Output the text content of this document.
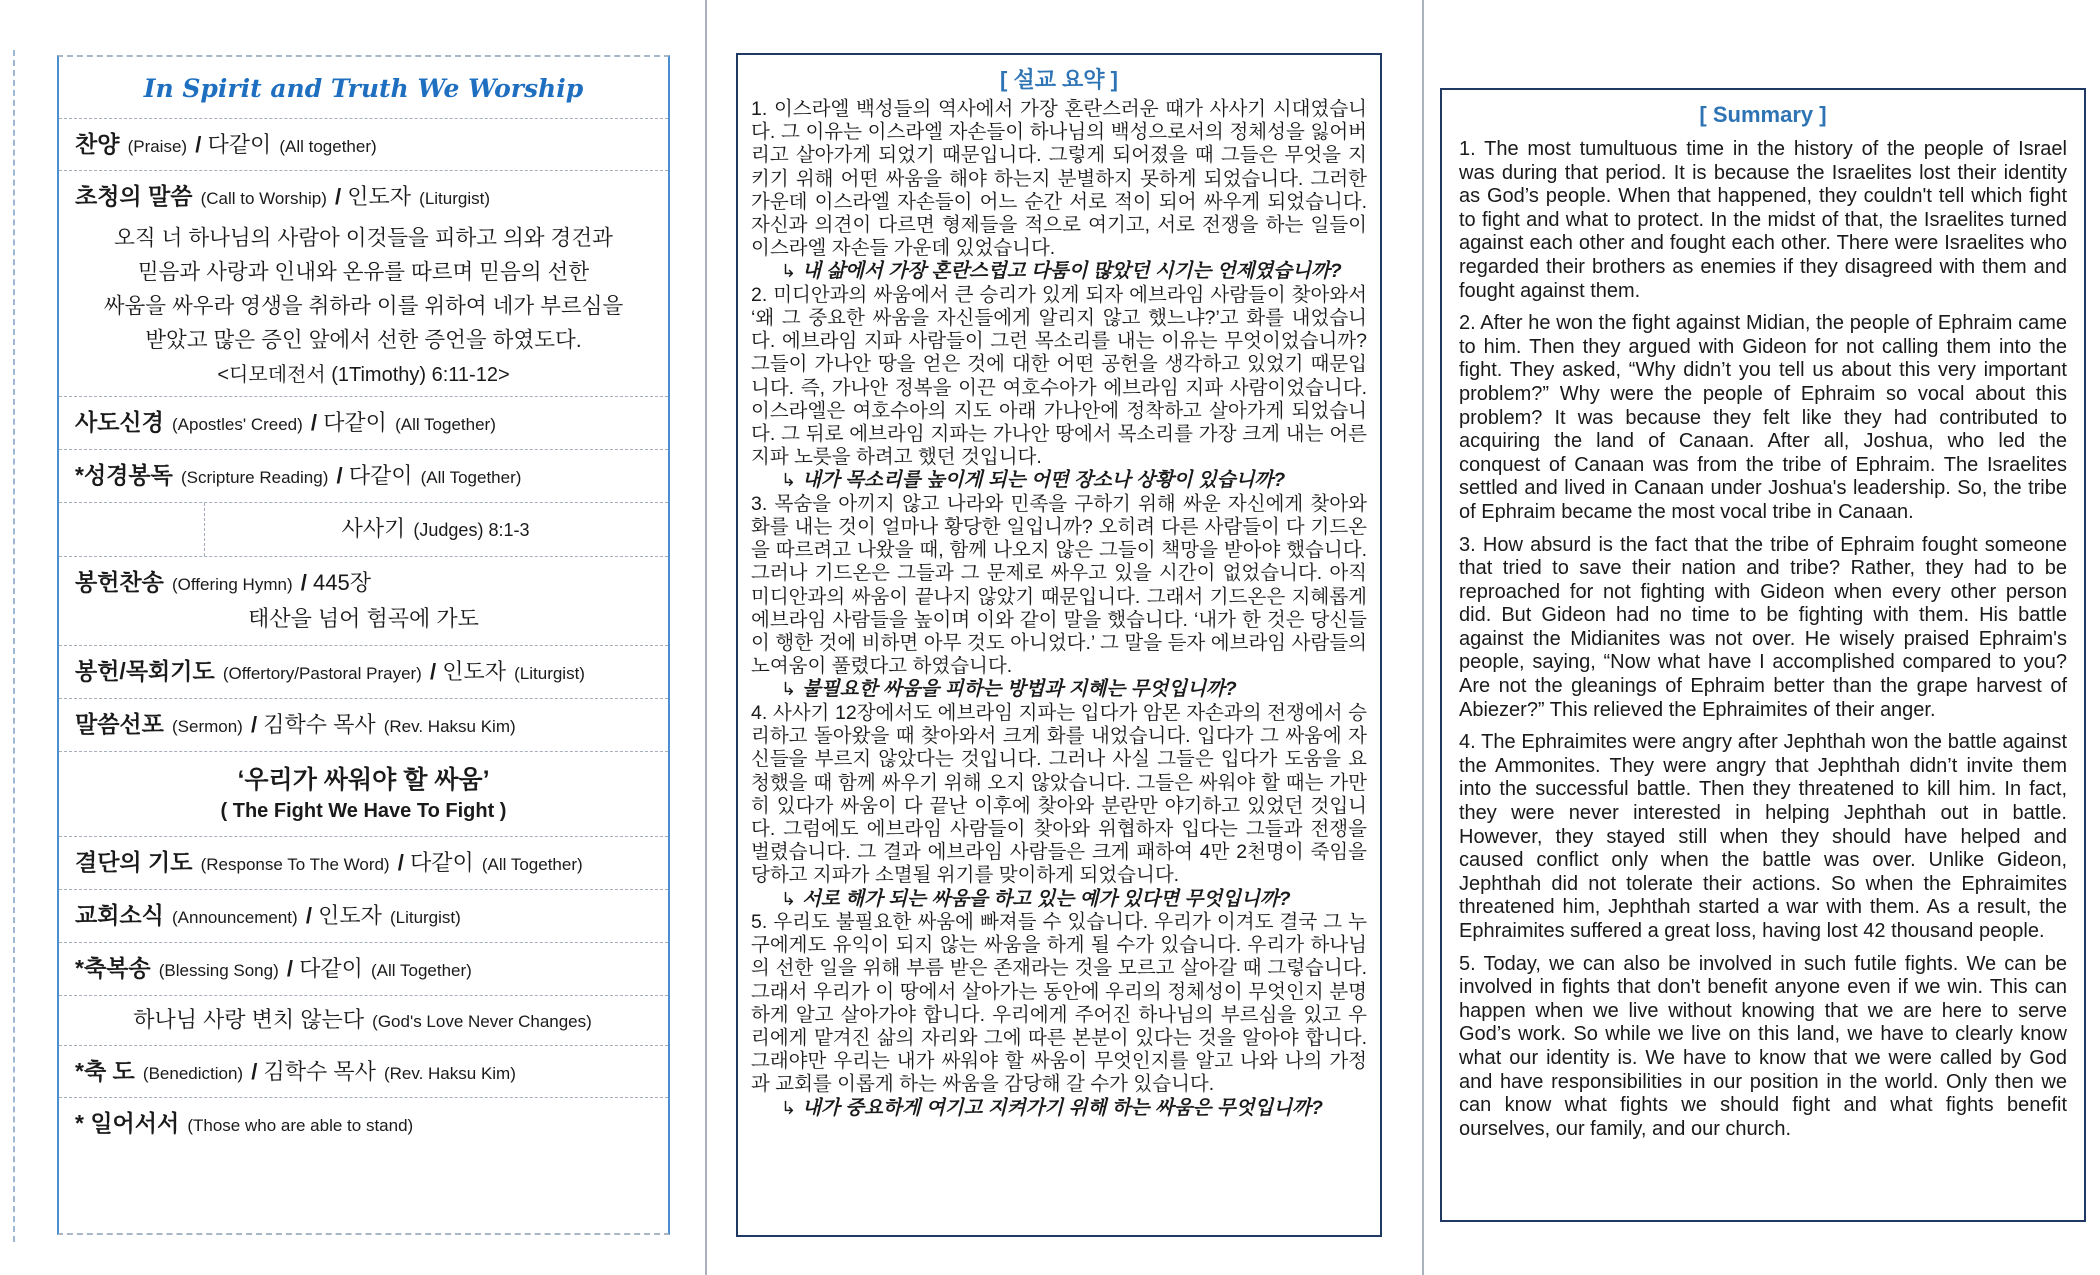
In Spirit and Truth We Worship
찬양 (Praise) / 다같이 (All together)
초청의 말씀 (Call to Worship) / 인도자 (Liturgist)
오직 너 하나님의 사람아 이것들을 피하고 의와 경건과
믿음과 사랑과 인내와 온유를 따르며 믿음의 선한
싸움을 싸우라 영생을 취하라 이를 위하여 네가 부르심을
받았고 많은 증인 앞에서 선한 증언을 하였도다.
<디모데전서 (1Timothy) 6:11-12>
사도신경 (Apostles' Creed) / 다같이 (All Together)
*성경봉독 (Scripture Reading) / 다같이 (All Together)
사사기 (Judges) 8:1-3
봉헌찬송 (Offering Hymn) / 445장
태산을 넘어 험곡에 가도
봉헌/목회기도 (Offertory/Pastoral Prayer) / 인도자 (Liturgist)
말씀선포 (Sermon) / 김학수 목사 (Rev. Haksu Kim)
‘우리가 싸워야 할 싸움’
( The Fight We Have To Fight )
결단의 기도 (Response To The Word) / 다같이 (All Together)
교회소식 (Announcement) / 인도자 (Liturgist)
*축복송 (Blessing Song) / 다같이 (All Together)
하나님 사랑 변치 않는다 (God's Love Never Changes)
*축 도 (Benediction) / 김학수 목사 (Rev. Haksu Kim)
* 일어서서 (Those who are able to stand)
[ 설교 요약 ]

1. 이스라엘 백성들의 역사에서 가장 혼란스러운 때가 사사기 시대였습니다. 그 이유는 이스라엘 자손들이 하나님의 백성으로서의 정체성을 잃어버리고 살아가게 되었기 때문입니다. 그렇게 되어졌을 때 그들은 무엇을 지키기 위해 어떤 싸움을 해야 하는지 분별하지 못하게 되었습니다. 그러한 가운데 이스라엘 자손들이 어느 순간 서로 적이 되어 싸우게 되었습니다. 자신과 의견이 다르면 형제들을 적으로 여기고, 서로 전쟁을 하는 일들이 이스라엘 자손들 가운데 있었습니다.

↳ 내 삶에서 가장 혼란스럽고 다툼이 많았던 시기는 언제였습니까?

2. 미디안과의 싸움에서 큰 승리가 있게 되자 에브라임 사람들이 찾아와서 ‘왜 그 중요한 싸움을 자신들에게 알리지 않고 했느냐?’고 화를 내었습니다. 에브라임 지파 사람들이 그런 목소리를 내는 이유는 무엇이었습니까? 그들이 가나안 땅을 얻은 것에 대한 어떤 공헌을 생각하고 있었기 때문입니다. 즉, 가나안 정복을 이끈 여호수아가 에브라임 지파 사람이었습니다. 이스라엘은 여호수아의 지도 아래 가나안에 정착하고 살아가게 되었습니다. 그 뒤로 에브라임 지파는 가나안 땅에서 목소리를 가장 크게 내는 어른 지파 노릇을 하려고 했던 것입니다.

↳ 내가 목소리를 높이게 되는 어떤 장소나 상황이 있습니까?

3. 목숨을 아끼지 않고 나라와 민족을 구하기 위해 싸운 자신에게 찾아와 화를 내는 것이 얼마나 황당한 일입니까? 오히려 다른 사람들이 다 기드온을 따르려고 나왔을 때, 함께 나오지 않은 그들이 책망을 받아야 했습니다. 그러나 기드온은 그들과 그 문제로 싸우고 있을 시간이 없었습니다. 아직 미디안과의 싸움이 끝나지 않았기 때문입니다. 그래서 기드온은 지혜롭게 에브라임 사람들을 높이며 이와 같이 말을 했습니다. ‘내가 한 것은 당신들이 행한 것에 비하면 아무 것도 아니었다.’ 그 말을 듣자 에브라임 사람들의 노여움이 풀렸다고 하였습니다.

↳ 불필요한 싸움을 피하는 방법과 지혜는 무엇입니까?

4. 사사기 12장에서도 에브라임 지파는 입다가 암몬 자손과의 전쟁에서 승리하고 돌아왔을 때 찾아와서 크게 화를 내었습니다. 입다가 그 싸움에 자신들을 부르지 않았다는 것입니다. 그러나 사실 그들은 입다가 도움을 요청했을 때 함께 싸우기 위해 오지 않았습니다. 그들은 싸워야 할 때는 가만히 있다가 싸움이 다 끝난 이후에 찾아와 분란만 야기하고 있었던 것입니다. 그럼에도 에브라임 사람들이 찾아와 위협하자 입다는 그들과 전쟁을 벌렸습니다. 그 결과 에브라임 사람들은 크게 패하여 4만 2천명이 죽임을 당하고 지파가 소멸될 위기를 맞이하게 되었습니다.

↳ 서로 해가 되는 싸움을 하고 있는 예가 있다면 무엇입니까?

5. 우리도 불필요한 싸움에 빠져들 수 있습니다. 우리가 이겨도 결국 그 누구에게도 유익이 되지 않는 싸움을 하게 될 수가 있습니다. 우리가 하나님의 선한 일을 위해 부름 받은 존재라는 것을 모르고 살아갈 때 그렇습니다. 그래서 우리가 이 땅에서 살아가는 동안에 우리의 정체성이 무엇인지 분명하게 알고 살아가야 합니다. 우리에게 주어진 하나님의 부르심을 있고 우리에게 맡겨진 삶의 자리와 그에 따른 본분이 있다는 것을 알아야 합니다. 그래야만 우리는 내가 싸워야 할 싸움이 무엇인지를 알고 나와 나의 가정과 교회를 이롭게 하는 싸움을 감당해 갈 수가 있습니다.

↳ 내가 중요하게 여기고 지켜가기 위해 하는 싸움은 무엇입니까?

[ Summary ]

1. The most tumultuous time in the history of the people of Israel was during that period. It is because the Israelites lost their identity as God’s people. When that happened, they couldn't tell which fight to fight and what to protect. In the midst of that, the Israelites turned against each other and fought each other. There were Israelites who regarded their brothers as enemies if they disagreed with them and fought against them.

2. After he won the fight against Midian, the people of Ephraim came to him. Then they argued with Gideon for not calling them into the fight. They asked, “Why didn’t you tell us about this very important problem?” Why were the people of Ephraim so vocal about this problem? It was because they felt like they had contributed to acquiring the land of Canaan. After all, Joshua, who led the conquest of Canaan was from the tribe of Ephraim. The Israelites settled and lived in Canaan under Joshua's leadership. So, the tribe of Ephraim became the most vocal tribe in Canaan.

3. How absurd is the fact that the tribe of Ephraim fought someone that tried to save their nation and tribe? Rather, they had to be reproached for not fighting with Gideon when every other person did. But Gideon had no time to be fighting with them. His battle against the Midianites was not over. He wisely praised Ephraim's people, saying, “Now what have I accomplished compared to you? Are not the gleanings of Ephraim better than the grape harvest of Abiezer?” This relieved the Ephraimites of their anger.

4. The Ephraimites were angry after Jephthah won the battle against the Ammonites. They were angry that Jephthah didn’t invite them into the successful battle. Then they threatened to kill him. In fact, they were never interested in helping Jephthah out in battle. However, they stayed still when they should have helped and caused conflict only when the battle was over. Unlike Gideon, Jephthah did not tolerate their actions. So when the Ephraimites threatened him, Jephthah started a war with them. As a result, the Ephraimites suffered a great loss, having lost 42 thousand people.

5. Today, we can also be involved in such futile fights. We can be involved in fights that don't benefit anyone even if we win. This can happen when we live without knowing that we are here to serve God’s work. So while we live on this land, we have to clearly know what our identity is. We have to know that we were called by God and have responsibilities in our position in the world. Only then we can know what fights we should fight and what fights benefit ourselves, our family, and our church.
